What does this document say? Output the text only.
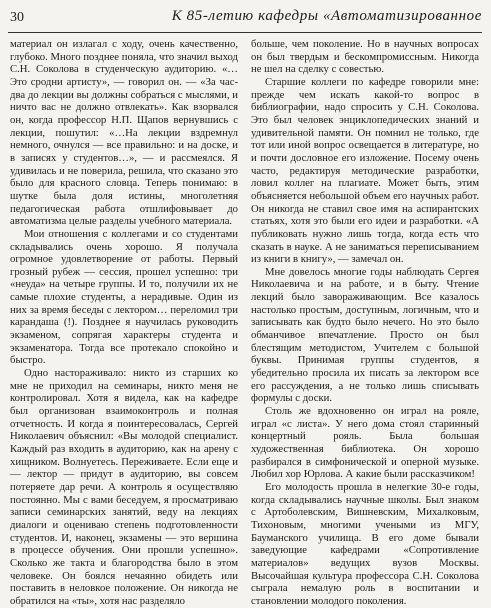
30	К 85-летию кафедры «Автоматизированное

материал он излагал с ходу, очень качественно, глубоко. Много позднее поняла, что значил выход С.Н. Соколова в студенческую аудиторию. «…Это сродни артисту», — говорил он. — «За час-два до лекции вы должны собраться с мыслями, и ничто вас не должно отвлекать». Как взорвался он, когда профессор Н.П. Щапов вернувшись с лекции, пошутил: «…На лекции вздремнул немного, очнулся — все правильно: и на доске, и в записях у студентов…», — и рассмеялся. Я удивилась и не поверила, решила, что сказано это было для красного словца. Теперь понимаю: в шутке была доля истины, многолетняя педагогическая работа отшлифовывает до автоматизма целые разделы учебного материала.

Мои отношения с коллегами и со студентами складывались очень хорошо. Я получала огромное удовлетворение от работы. Первый грозный рубеж — сессия, прошел успешно: три «неуда» на четыре группы. И то, получили их не самые плохие студенты, а нерадивые. Один из них за время беседы с лектором… переломил три карандаша (!). Позднее я научилась руководить экзаменом, сопрягая характеры студента и экзаменатора. Тогда все протекало спокойно и быстро.

Одно настораживало: никто из старших ко мне не приходил на семинары, никто меня не контролировал. Хотя я видела, как на кафедре был организован взаимоконтроль и полная отчетность. И когда я поинтересовалась, Сергей Николаевич объяснил: «Вы молодой специалист. Каждый раз входить в аудиторию, как на арену с хищником. Волнуетесь. Переживаете. Если еще и — лектор — придут в аудиторию, вы совсем потеряете дар речи. А контроль я осуществляю постоянно. Мы с вами беседуем, я просматриваю записи семинарских занятий, веду на лекциях диалоги и оцениваю степень подготовленности студентов. И, наконец, экзамены — это вершина в процессе обучения. Они прошли успешно». Сколько же такта и благородства было в этом человеке. Он боялся нечаянно обидеть или поставить в неловкое положение. Он никогда не обратился на «ты», хотя нас разделяло

больше, чем поколение. Но в научных вопросах он был твердым и бескомпромиссным. Никогда не шел на сделку с совестью.

Старшие коллеги по кафедре говорили мне: прежде чем искать какой-то вопрос в библиографии, надо спросить у С.Н. Соколова. Это был человек энциклопедических знаний и удивительной памяти. Он помнил не только, где тот или иной вопрос освещается в литературе, но и почти дословное его изложение. Посему очень часто, редактируя методические разработки, ловил коллег на плагиате. Может быть, этим объясняется небольшой объем его научных работ. Он никогда не ставил свое имя на аспирантских статьях, хотя это были его идеи и разработки. «А публиковать нужно лишь тогда, когда есть что сказать в науке. А не заниматься переписыванием из книги в книгу», — замечал он.

Мне довелось многие годы наблюдать Сергея Николаевича и на работе, и в быту. Чтение лекций было завораживающим. Все казалось настолько простым, доступным, логичным, что и записывать как будто было нечего. Но это было обманчивое впечатление. Просто он был блестящим методистом, Учителем с большой буквы. Принимая группы студентов, я убедительно просила их писать за лектором все его рассуждения, а не только лишь списывать формулы с доски.

Столь же вдохновенно он играл на рояле, играл «с листа». У него дома стоял старинный концертный рояль. Была большая художественная библиотека. Он хорошо разбирался в симфонической и оперной музыке. Любил хор Юрлова. А какие были рассказчиком!

Его молодость прошла в нелегкие 30-е годы, когда складывались научные школы. Был знаком с Артоболевским, Вишневским, Михалковым, Тихоновым, многими учеными из МГУ, Бауманского училища. В его доме бывали заведующие кафедрами «Сопротивление материалов» ведущих вузов Москвы. Высочайшая культура профессора С.Н. Соколова сыграла немалую роль в воспитании и становлении молодого поколения.
